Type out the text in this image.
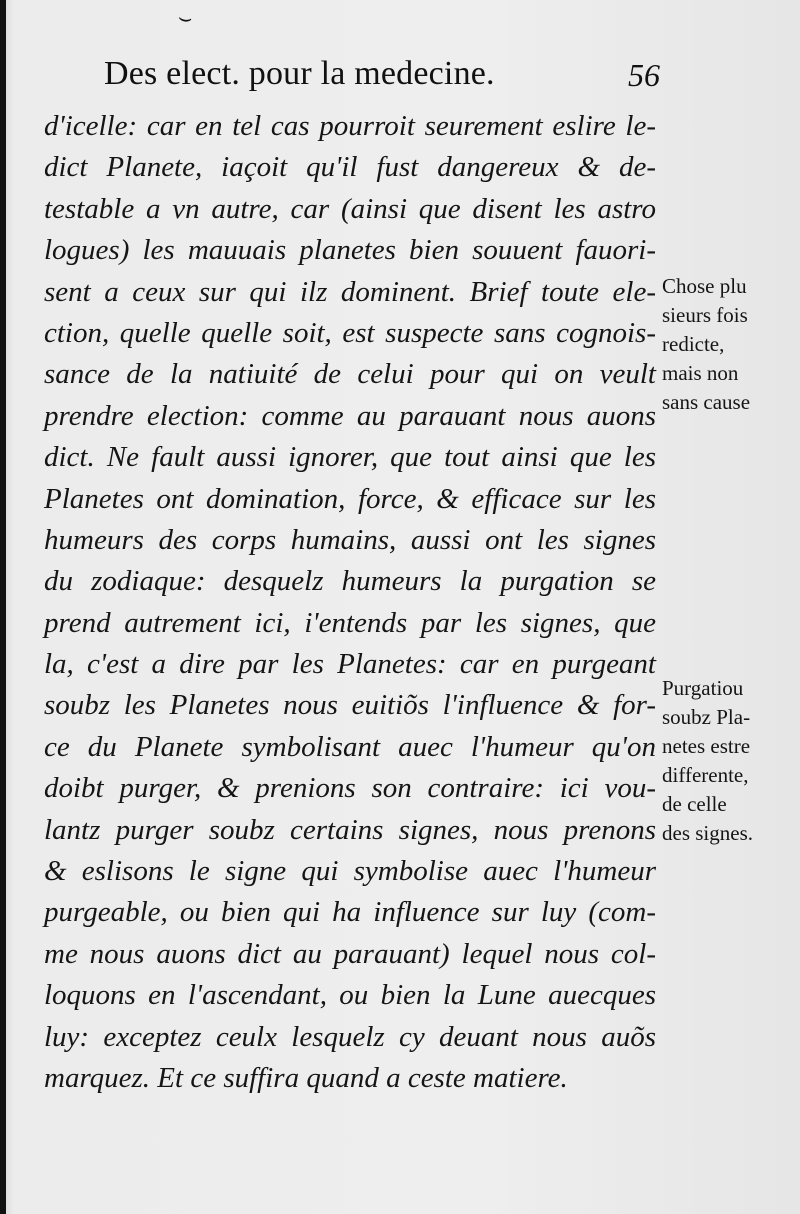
⌣
Des elect. pour la medecine.	56
d'icelle: car en tel cas pourroit seurement eslire le-
dict Planete, iaçoit qu'il fust dangereux & de-
testable a vn autre, car (ainsi que disent les astro
logues) les mauuais planetes bien souuent fauori-
sent a ceux sur qui ilz dominent. Brief toute ele-
ction, quelle quelle soit, est suspecte sans cognois-
sance de la natiuité de celui pour qui on veult
prendre election: comme au parauant nous auons
dict. Ne fault aussi ignorer, que tout ainsi que les
Planetes ont domination, force, & efficace sur les
humeurs des corps humains, aussi ont les signes
du zodiaque: desquelz humeurs la purgation se
prend autrement ici, i'entends par les signes, que
la, c'est a dire par les Planetes: car en purgeant
soubz les Planetes nous euitiõs l'influence & for-
ce du Planete symbolisant auec l'humeur qu'on
doibt purger, & prenions son contraire: ici vou-
lantz purger soubz certains signes, nous prenons
& eslisons le signe qui symbolise auec l'humeur
purgeable, ou bien qui ha influence sur luy (com-
me nous auons dict au parauant) lequel nous col-
loquons en l'ascendant, ou bien la Lune auecques
luy: exceptez ceulx lesquelz cy deuant nous auõs
marquez. Et ce suffira quand a ceste matiere.
Chose plu
sieurs fois
redicte,
mais non
sans cause
Purgatiou
soubz Pla-
netes estre
differente,
de celle
des signes.
